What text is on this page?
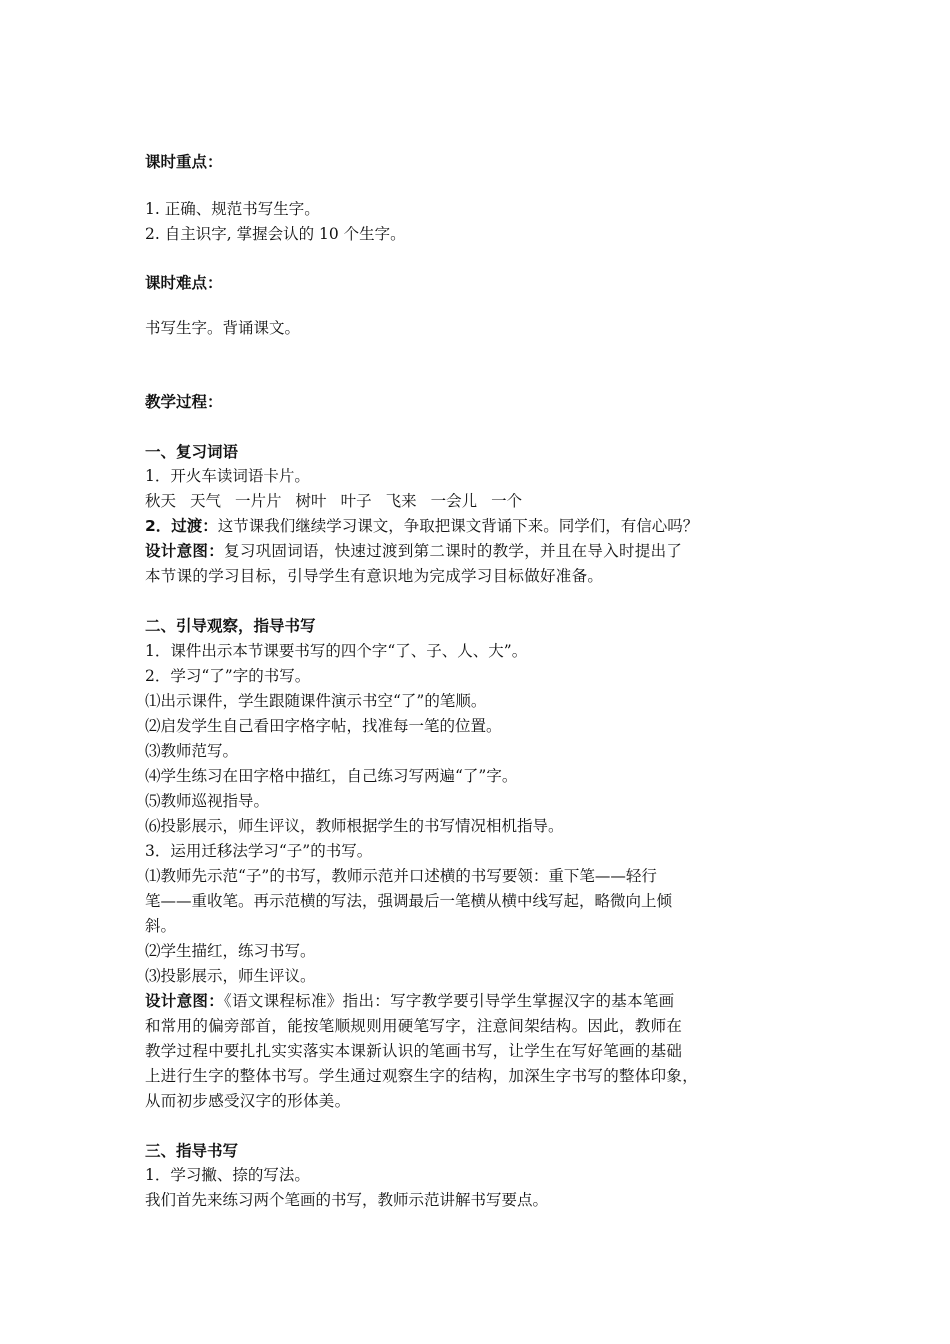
课时重点：
1. 正确、规范书写生字。
2. 自主识字, 掌握会认的 10 个生字。
课时难点：
书写生字。背诵课文。
教学过程：
一、复习词语
1．开火车读词语卡片。
秋天 天气 一片片 树叶 叶子 飞来 一会儿 一个
2．过渡：这节课我们继续学习课文，争取把课文背诵下来。同学们，有信心吗？
设计意图：复习巩固词语，快速过渡到第二课时的教学，并且在导入时提出了
本节课的学习目标，引导学生有意识地为完成学习目标做好准备。
二、引导观察，指导书写
1．课件出示本节课要书写的四个字“了、子、人、大”。
2．学习“了”字的书写。
⑴出示课件，学生跟随课件演示书空“了”的笔顺。
⑵启发学生自己看田字格字帖，找准每一笔的位置。
⑶教师范写。
⑷学生练习在田字格中描红，自己练习写两遍“了”字。
⑸教师巡视指导。
⑹投影展示，师生评议，教师根据学生的书写情况相机指导。
3．运用迁移法学习“子”的书写。
⑴教师先示范“子”的书写，教师示范并口述横的书写要领：重下笔——轻行
笔——重收笔。再示范横的写法，强调最后一笔横从横中线写起，略微向上倾
斜。
⑵学生描红，练习书写。
⑶投影展示，师生评议。
设计意图：《语文课程标准》指出：写字教学要引导学生掌握汉字的基本笔画
和常用的偏旁部首，能按笔顺规则用硬笔写字，注意间架结构。因此，教师在
教学过程中要扎扎实实落实本课新认识的笔画书写，让学生在写好笔画的基础
上进行生字的整体书写。学生通过观察生字的结构，加深生字书写的整体印象，
从而初步感受汉字的形体美。
三、指导书写
1．学习撇、捺的写法。
我们首先来练习两个笔画的书写，教师示范讲解书写要点。
